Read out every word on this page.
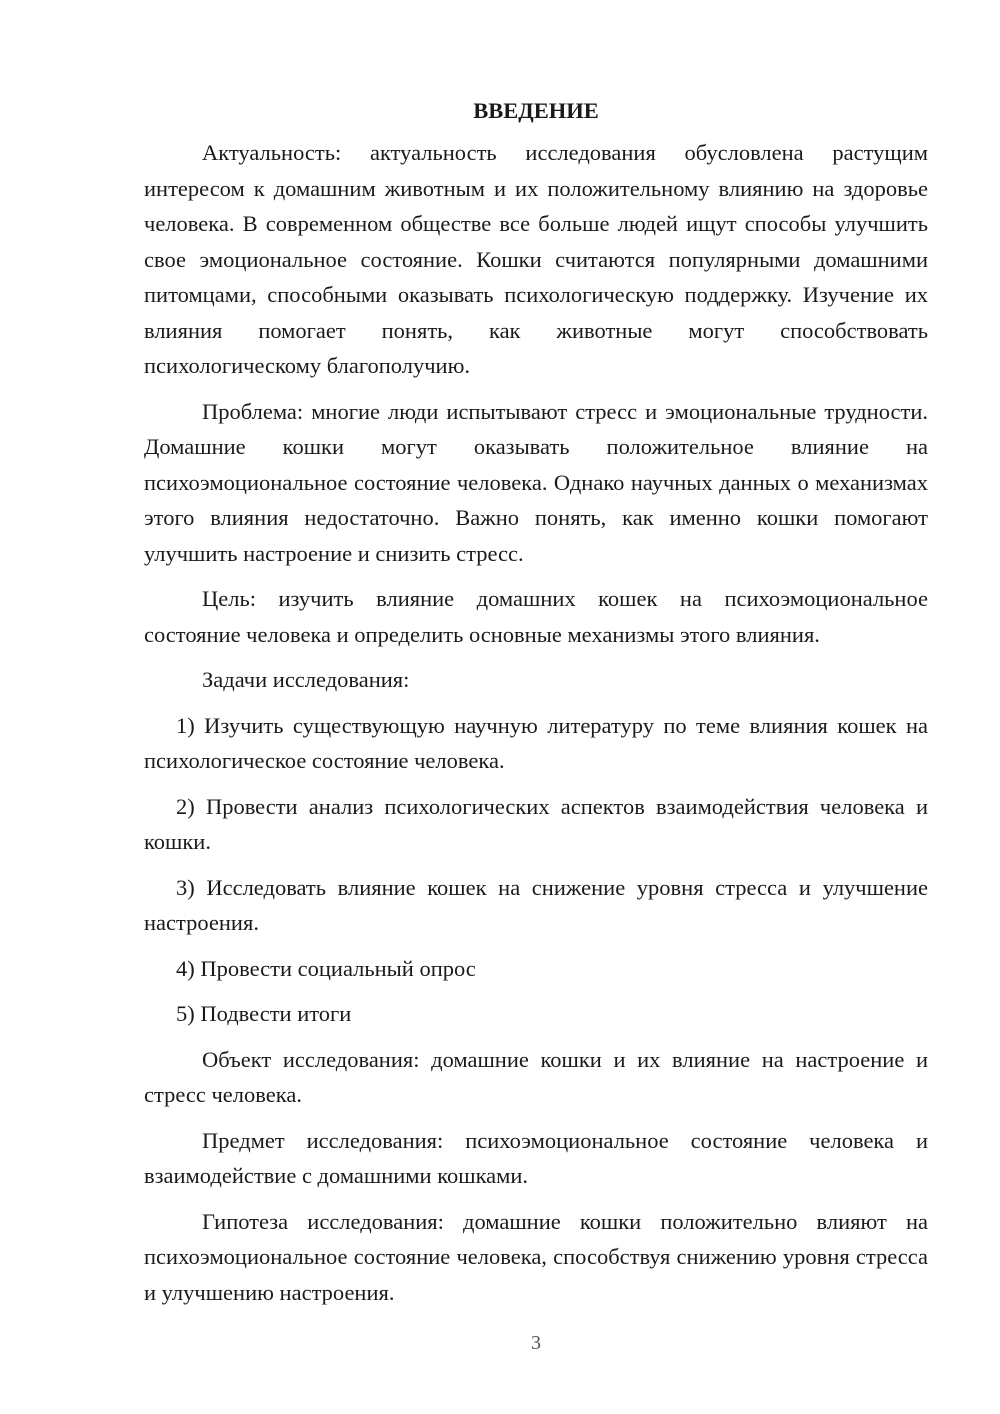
ВВЕДЕНИЕ

Актуальность: актуальность исследования обусловлена растущим интересом к домашним животным и их положительному влиянию на здоровье человека. В современном обществе все больше людей ищут способы улучшить свое эмоциональное состояние. Кошки считаются популярными домашними питомцами, способными оказывать психологическую поддержку. Изучение их влияния помогает понять, как животные могут способствовать психологическому благополучию.

Проблема: многие люди испытывают стресс и эмоциональные трудности. Домашние кошки могут оказывать положительное влияние на психоэмоциональное состояние человека. Однако научных данных о механизмах этого влияния недостаточно. Важно понять, как именно кошки помогают улучшить настроение и снизить стресс.

Цель: изучить влияние домашних кошек на психоэмоциональное состояние человека и определить основные механизмы этого влияния.

Задачи исследования:

1) Изучить существующую научную литературу по теме влияния кошек на психологическое состояние человека.

2) Провести анализ психологических аспектов взаимодействия человека и кошки.

3) Исследовать влияние кошек на снижение уровня стресса и улучшение настроения.

4) Провести социальный опрос

5) Подвести итоги

Объект исследования: домашние кошки и их влияние на настроение и стресс человека.

Предмет исследования: психоэмоциональное состояние человека и взаимодействие с домашними кошками.

Гипотеза исследования: домашние кошки положительно влияют на психоэмоциональное состояние человека, способствуя снижению уровня стресса и улучшению настроения.

3
